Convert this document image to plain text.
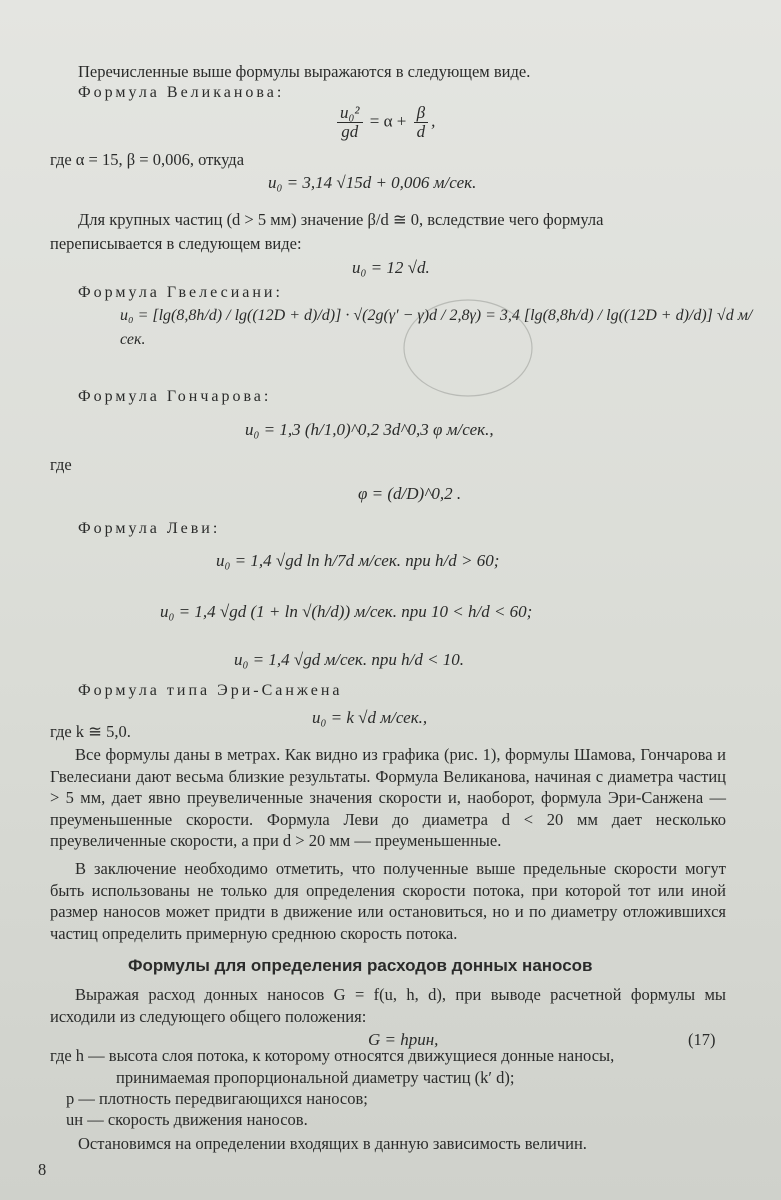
Перечисленные выше формулы выражаются в следующем виде.
Формула Великанова:
$\frac{\text{u₀²}}{gd} = \alpha + \frac{\beta}{d}$ ,
где α = 15, β = 0,006, откуда
u₀ = 3,14 √15d + 0,006 м/сек.
Для крупных частиц (d > 5 мм) значение β/d ≅ 0, вследствие чего формула
переписывается в следующем виде:
u₀ = 12 √d.
Формула Гвелесиани:
u₀ = [lg(8,8h/d) / lg((12D + d)/d)] · √(2g(γ′ − γ)d / 2,8γ) = 3,4 [lg(8,8h/d) / lg((12D + d)/d)] √d м/сек.
Формула Гончарова:
u₀ = 1,3 (h/1,0)^0,2 3d^0,3 φ м/сек.,
где
φ = (d/D)^0,2 .
Формула Леви:
u₀ = 1,4 √gd ln h/7d м/сек. при h/d > 60;
u₀ = 1,4 √gd (1 + ln √(h/d)) м/сек. при 10 < h/d < 60;
u₀ = 1,4 √gd м/сек. при h/d < 10.
Формула типа Эри-Санжена
u₀ = k √d м/сек.,
где k ≅ 5,0.
Все формулы даны в метрах. Как видно из графика (рис. 1), формулы Шамова, Гончарова и Гвелесиани дают весьма близкие результаты. Формула Великанова, начиная с диаметра частиц > 5 мм, дает явно преувеличенные значения скорости и, наоборот, формула Эри-Санжена — преуменьшенные скорости. Формула Леви до диаметра d < 20 мм дает несколько преувеличенные скорости, а при d > 20 мм — преуменьшенные.
В заключение необходимо отметить, что полученные выше предельные скорости могут быть использованы не только для определения скорости потока, при которой тот или иной размер наносов может придти в движение или остановиться, но и по диаметру отложившихся частиц определить примерную среднюю скорость потока.
Формулы для определения расходов донных наносов
Выражая расход донных наносов G = f(u, h, d), при выводе расчетной формулы мы исходили из следующего общего положения:
G = hpuн,	(17)
где h — высота слоя потока, к которому относятся движущиеся донные наносы,
принимаемая пропорциональной диаметру частиц (k′ d);
p — плотность передвигающихся наносов;
uн — скорость движения наносов.
Остановимся на определении входящих в данную зависимость величин.
8
